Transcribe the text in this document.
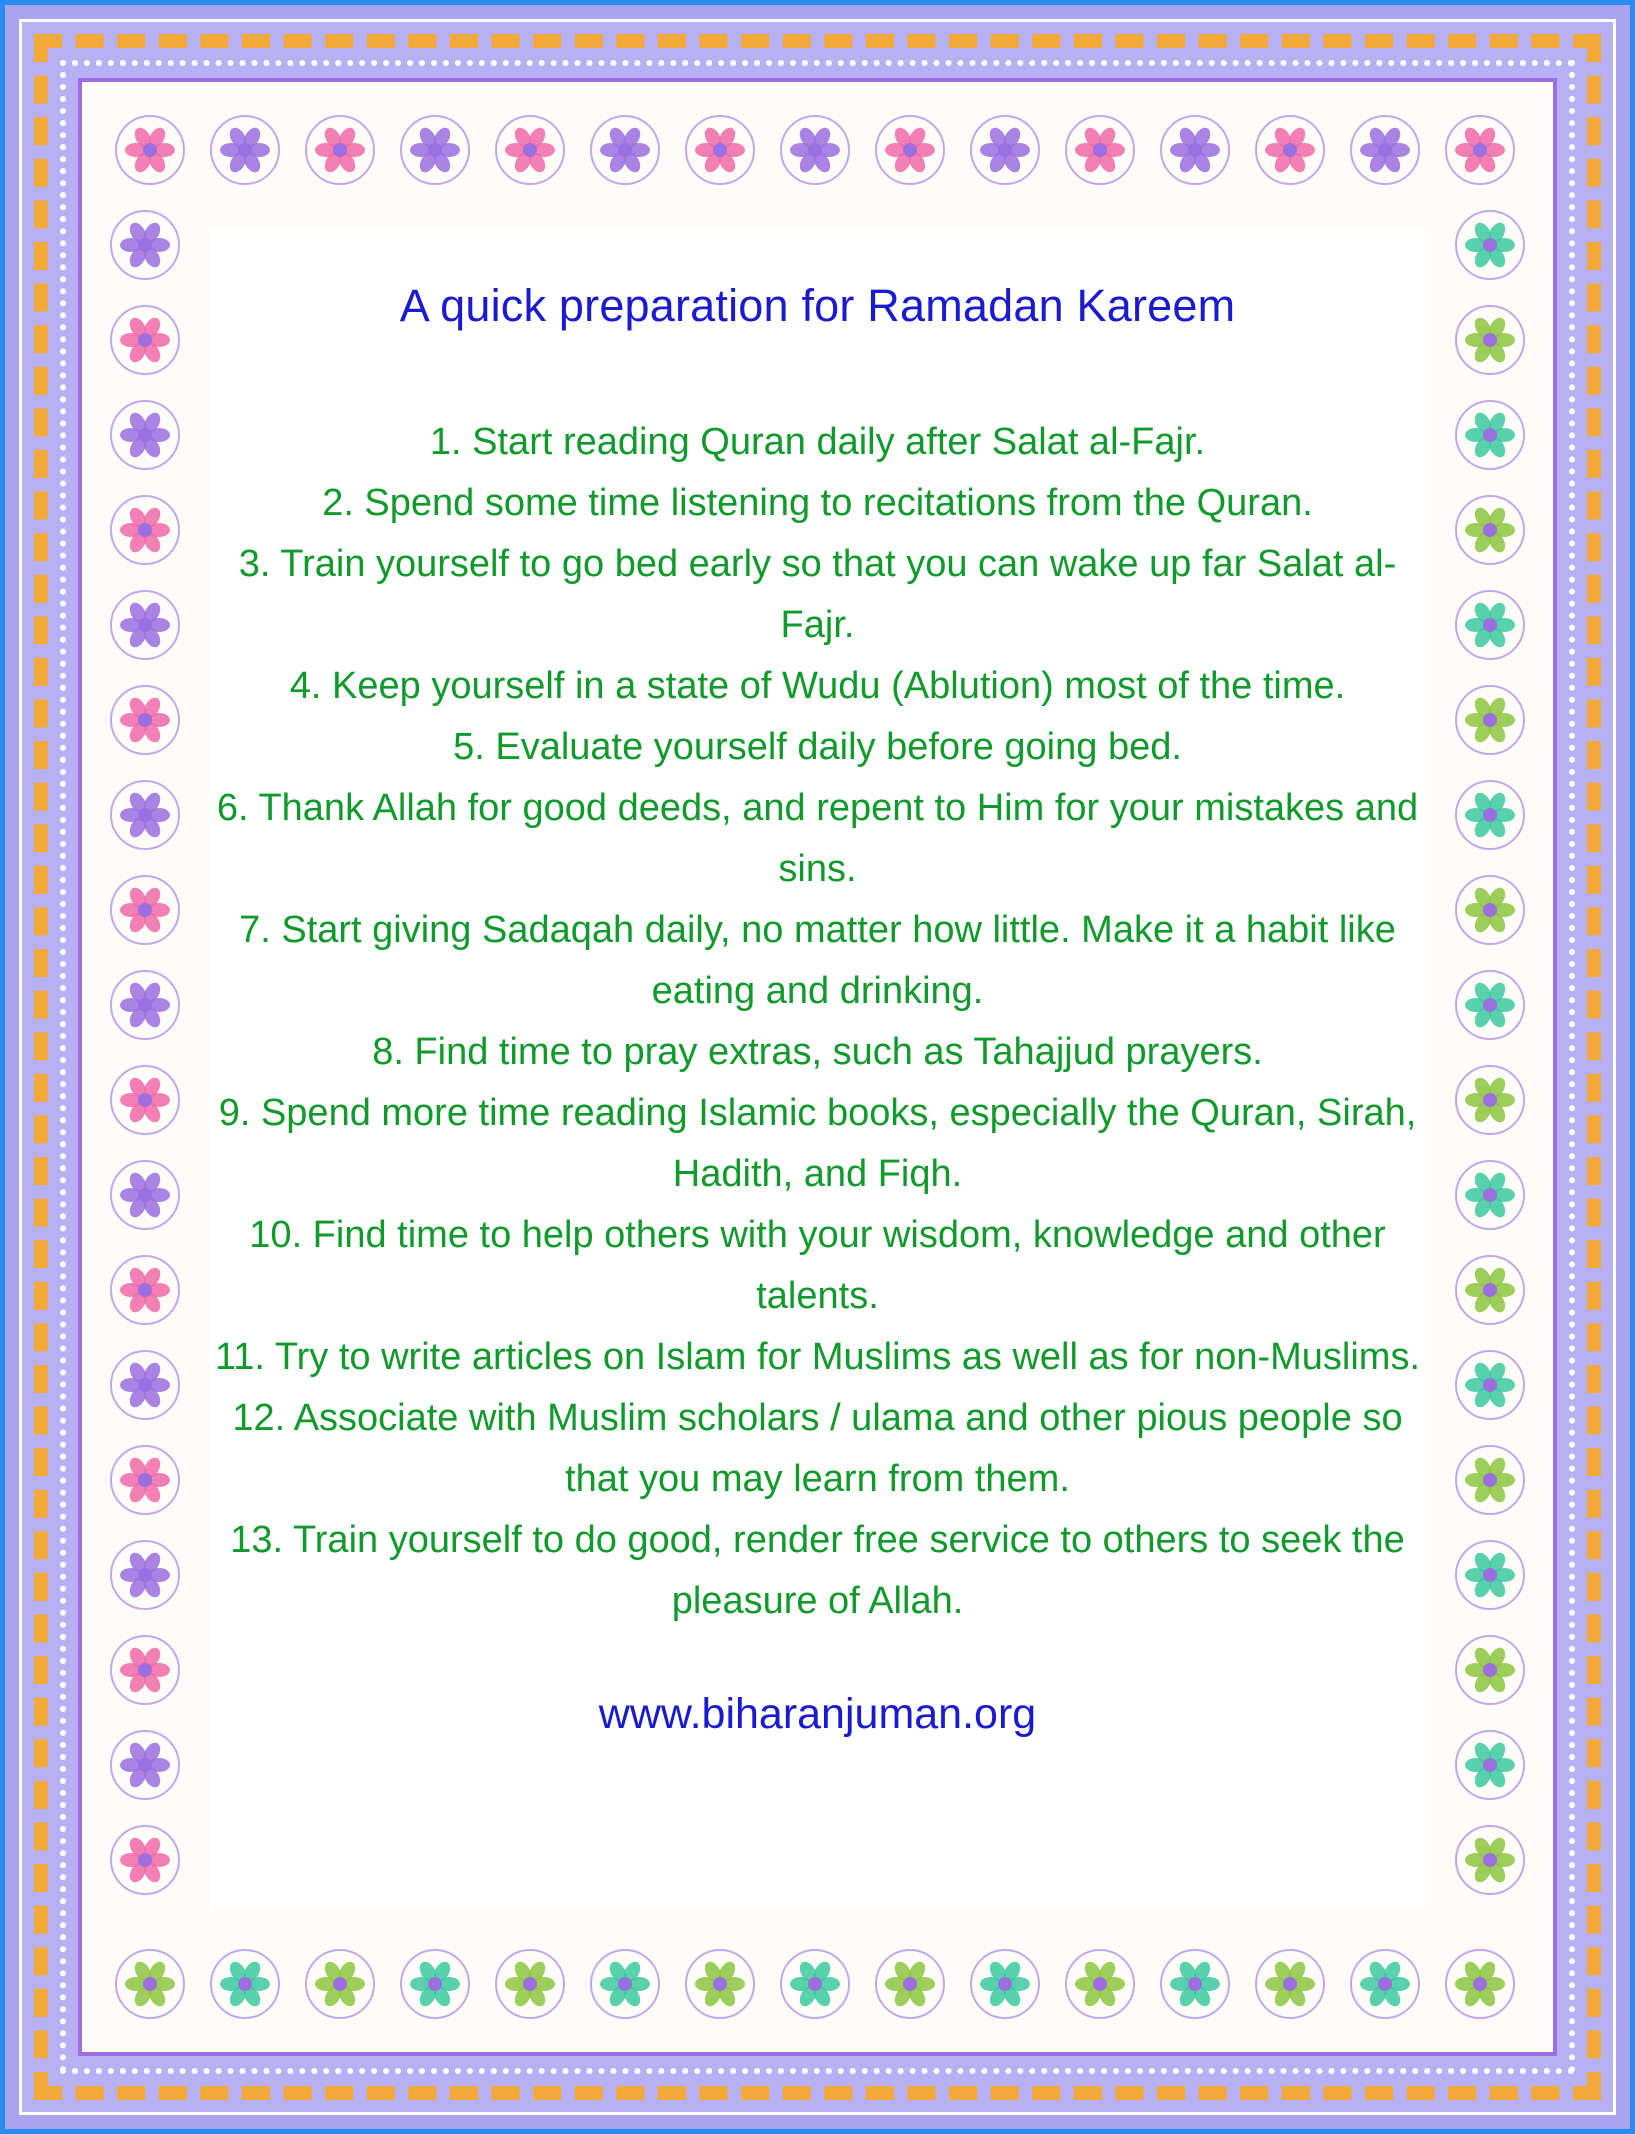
A quick preparation for Ramadan Kareem
1. Start reading Quran daily after Salat al-Fajr.
2. Spend some time listening to recitations from the Quran.
3. Train yourself to go bed early so that you can wake up far Salat al-Fajr.
4. Keep yourself in a state of Wudu (Ablution) most of the time.
5. Evaluate yourself daily before going bed.
6. Thank Allah for good deeds, and repent to Him for your mistakes and sins.
7. Start giving Sadaqah daily, no matter how little. Make it a habit like eating and drinking.
8. Find time to pray extras, such as Tahajjud prayers.
9. Spend more time reading Islamic books, especially the Quran, Sirah, Hadith, and Fiqh.
10. Find time to help others with your wisdom, knowledge and other talents.
11. Try to write articles on Islam for Muslims as well as for non-Muslims.
12. Associate with Muslim scholars / ulama and other pious people so that you may learn from them.
13. Train yourself to do good, render free service to others to seek the pleasure of Allah.
www.biharanjuman.org
